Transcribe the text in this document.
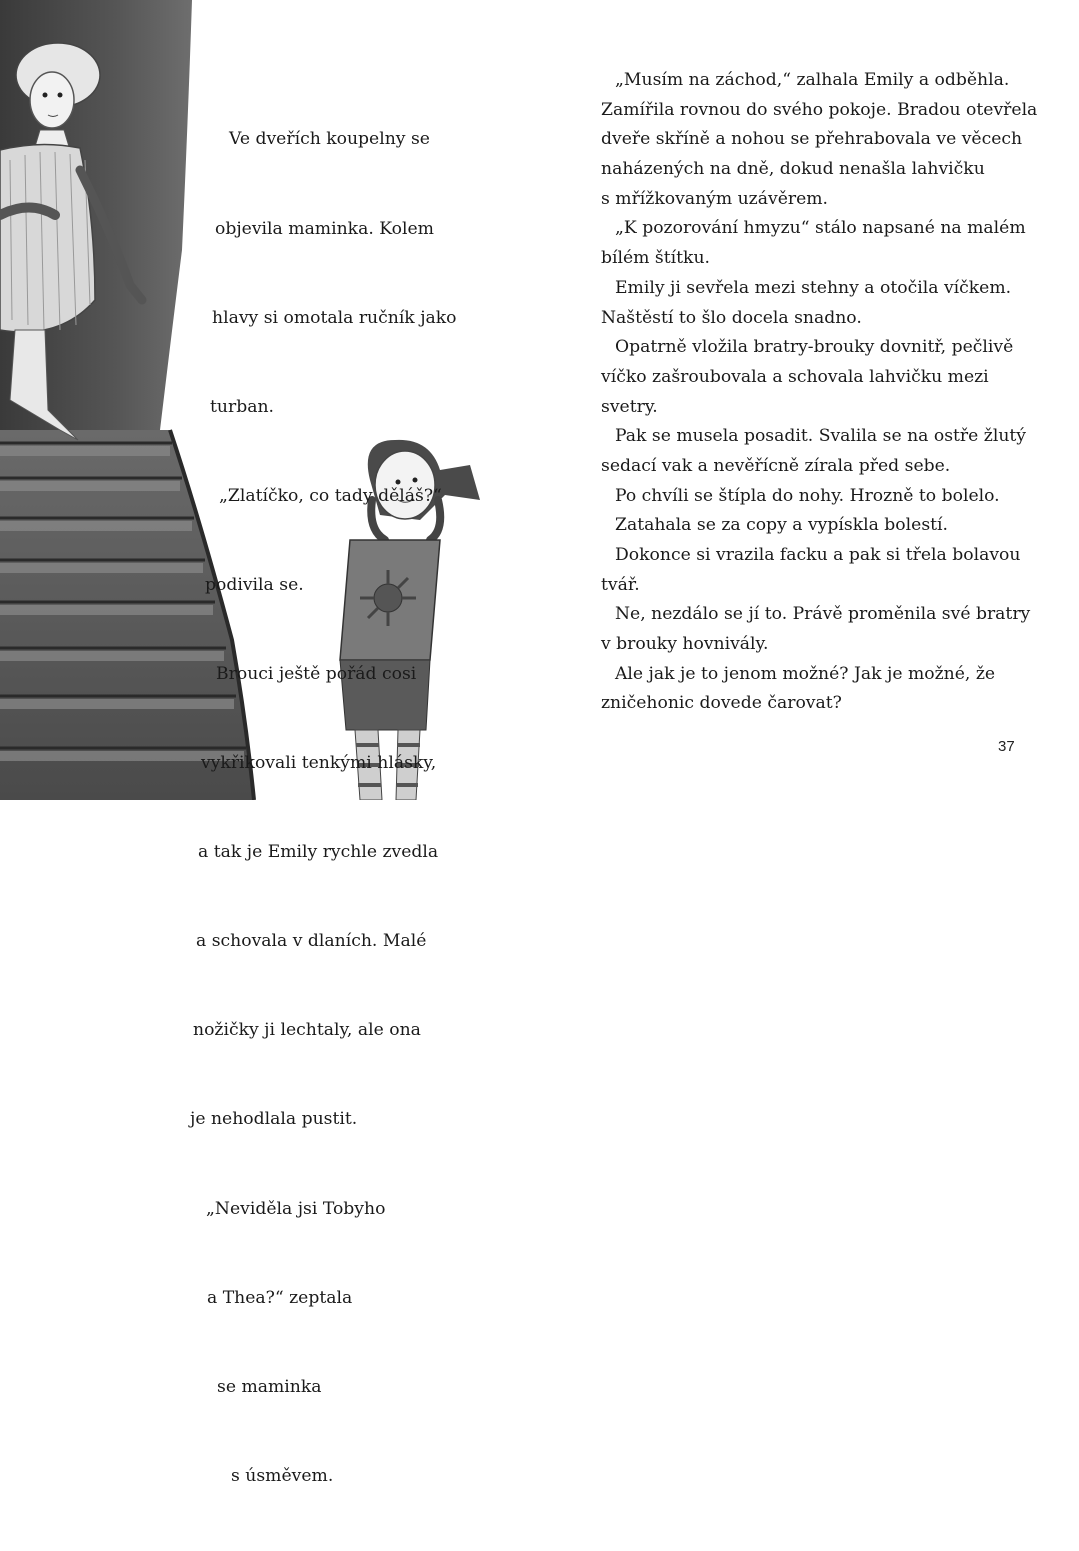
Ve dveřích koupelny se

objevila maminka. Kolem

hlavy si omotala ručník jako

turban.

„Zlatíčko, co tady děláš?“

podivila se.

Brouci ještě pořád cosi

vykřikovali tenkými hlásky,

a tak je Emily rychle zvedla

a schovala v dlaních. Malé

nožičky ji lechtaly, ale ona

je nehodlala pustit.

„Neviděla jsi Tobyho

a Thea?“ zeptala

se maminka

s úsměvem.

„Musím na záchod,“ zalhala Emily a odběhla.
Zamířila rovnou do svého pokoje. Bradou otevřela
dveře skříně a nohou se přehrabovala ve věcech
naházených na dně, dokud nenašla lahvičku
s mřížkovaným uzávěrem.
„K pozorování hmyzu“ stálo napsané na malém
bílém štítku.
Emily ji sevřela mezi stehny a otočila víčkem.
Naštěstí to šlo docela snadno.
Opatrně vložila bratry-brouky dovnitř, pečlivě
víčko zašroubovala a schovala lahvičku mezi
svetry.
Pak se musela posadit. Svalila se na ostře žlutý
sedací vak a nevěřícně zírala před sebe.
Po chvíli se štípla do nohy. Hrozně to bolelo.
Zatahala se za copy a vypískla bolestí.
Dokonce si vrazila facku a pak si třela bolavou
tvář.
Ne, nezdálo se jí to. Právě proměnila své bratry
v brouky hovnivály.
Ale jak je to jenom možné? Jak je možné, že
zničehonic dovede čarovat?
37
